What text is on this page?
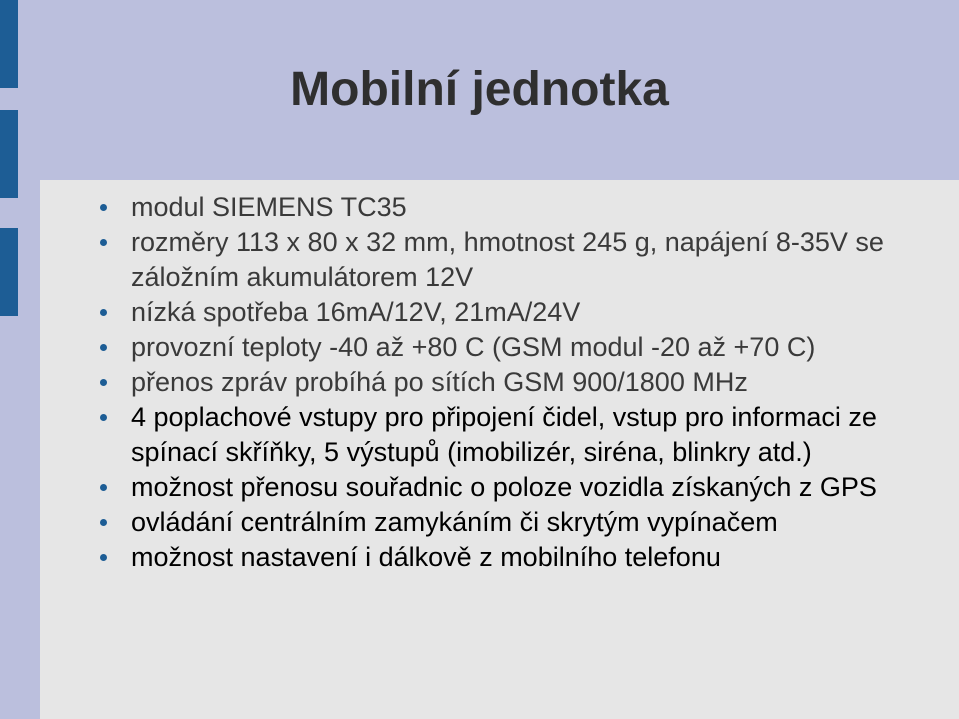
Mobilní jednotka
modul SIEMENS TC35
rozměry 113 x 80 x 32 mm, hmotnost 245 g, napájení 8-35V se záložním akumulátorem 12V
nízká spotřeba 16mA/12V, 21mA/24V
provozní teploty -40 až +80 C (GSM modul -20 až +70 C)
přenos zpráv probíhá po sítích GSM 900/1800 MHz
4 poplachové vstupy pro připojení čidel, vstup pro informaci ze spínací skříňky, 5 výstupů (imobilizér, siréna, blinkry atd.)
možnost přenosu souřadnic o poloze vozidla získaných z GPS
ovládání centrálním zamykáním či skrytým vypínačem
možnost nastavení i dálkově z mobilního telefonu
